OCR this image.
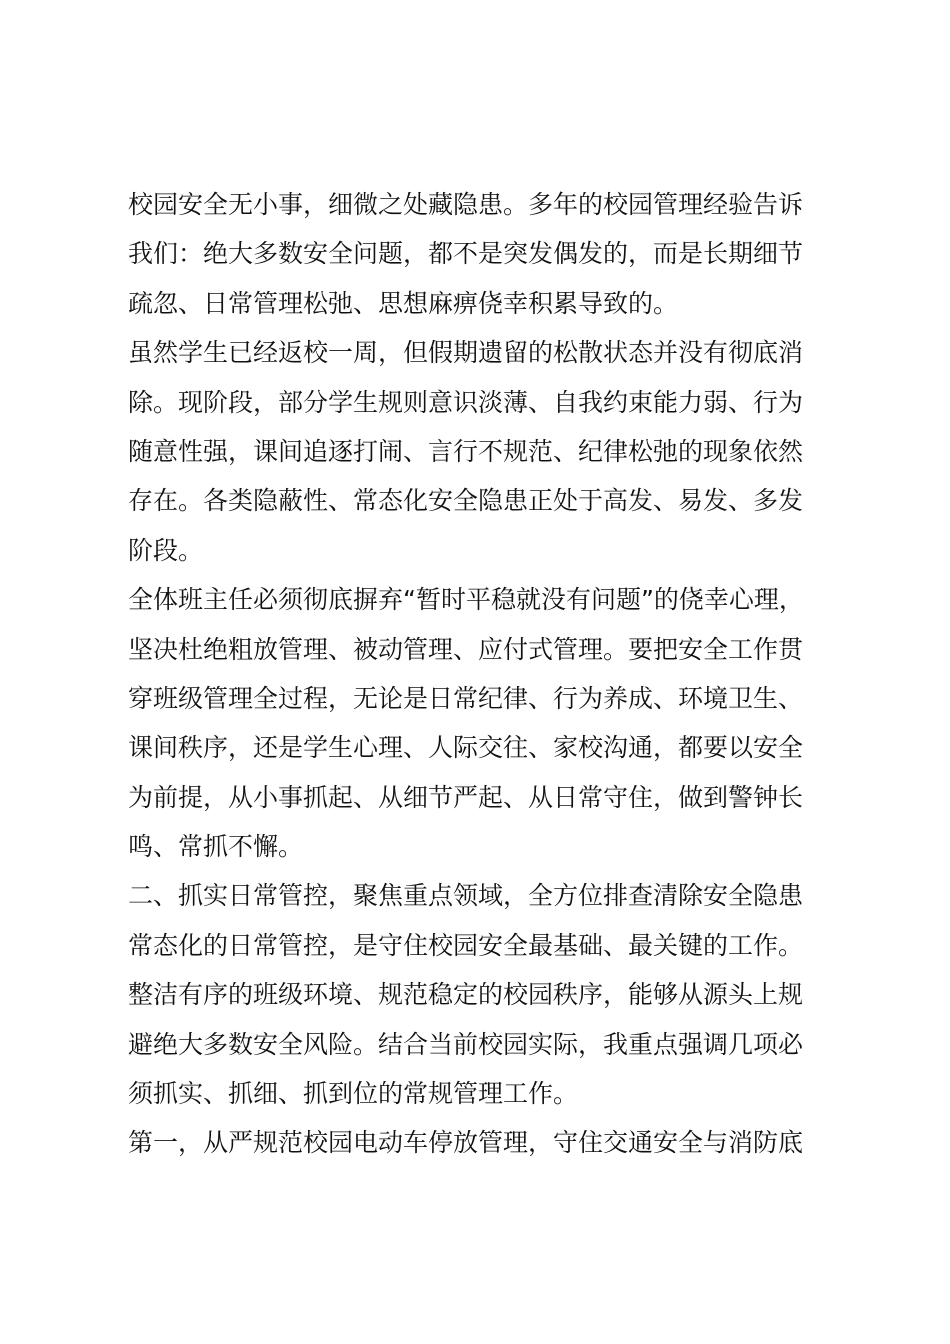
校园安全无小事，细微之处藏隐患。多年的校园管理经验告诉
我们：绝大多数安全问题，都不是突发偶发的，而是长期细节
疏忽、日常管理松弛、思想麻痹侥幸积累导致的。
虽然学生已经返校一周，但假期遗留的松散状态并没有彻底消
除。现阶段，部分学生规则意识淡薄、自我约束能力弱、行为
随意性强，课间追逐打闹、言行不规范、纪律松弛的现象依然
存在。各类隐蔽性、常态化安全隐患正处于高发、易发、多发
阶段。
全体班主任必须彻底摒弃“暂时平稳就没有问题”的侥幸心理，
坚决杜绝粗放管理、被动管理、应付式管理。要把安全工作贯
穿班级管理全过程，无论是日常纪律、行为养成、环境卫生、
课间秩序，还是学生心理、人际交往、家校沟通，都要以安全
为前提，从小事抓起、从细节严起、从日常守住，做到警钟长
鸣、常抓不懈。
二、抓实日常管控，聚焦重点领域，全方位排查清除安全隐患
常态化的日常管控，是守住校园安全最基础、最关键的工作。
整洁有序的班级环境、规范稳定的校园秩序，能够从源头上规
避绝大多数安全风险。结合当前校园实际，我重点强调几项必
须抓实、抓细、抓到位的常规管理工作。
第一，从严规范校园电动车停放管理，守住交通安全与消防底
